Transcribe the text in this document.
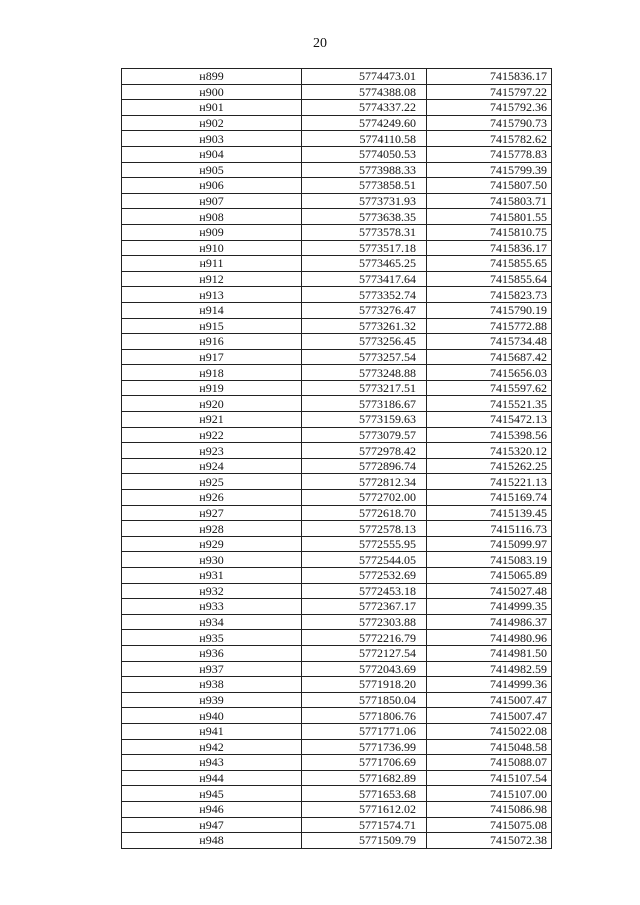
20
н899	5774473.01	7415836.17
н900	5774388.08	7415797.22
н901	5774337.22	7415792.36
н902	5774249.60	7415790.73
н903	5774110.58	7415782.62
н904	5774050.53	7415778.83
н905	5773988.33	7415799.39
н906	5773858.51	7415807.50
н907	5773731.93	7415803.71
н908	5773638.35	7415801.55
н909	5773578.31	7415810.75
н910	5773517.18	7415836.17
н911	5773465.25	7415855.65
н912	5773417.64	7415855.64
н913	5773352.74	7415823.73
н914	5773276.47	7415790.19
н915	5773261.32	7415772.88
н916	5773256.45	7415734.48
н917	5773257.54	7415687.42
н918	5773248.88	7415656.03
н919	5773217.51	7415597.62
н920	5773186.67	7415521.35
н921	5773159.63	7415472.13
н922	5773079.57	7415398.56
н923	5772978.42	7415320.12
н924	5772896.74	7415262.25
н925	5772812.34	7415221.13
н926	5772702.00	7415169.74
н927	5772618.70	7415139.45
н928	5772578.13	7415116.73
н929	5772555.95	7415099.97
н930	5772544.05	7415083.19
н931	5772532.69	7415065.89
н932	5772453.18	7415027.48
н933	5772367.17	7414999.35
н934	5772303.88	7414986.37
н935	5772216.79	7414980.96
н936	5772127.54	7414981.50
н937	5772043.69	7414982.59
н938	5771918.20	7414999.36
н939	5771850.04	7415007.47
н940	5771806.76	7415007.47
н941	5771771.06	7415022.08
н942	5771736.99	7415048.58
н943	5771706.69	7415088.07
н944	5771682.89	7415107.54
н945	5771653.68	7415107.00
н946	5771612.02	7415086.98
н947	5771574.71	7415075.08
н948	5771509.79	7415072.38
